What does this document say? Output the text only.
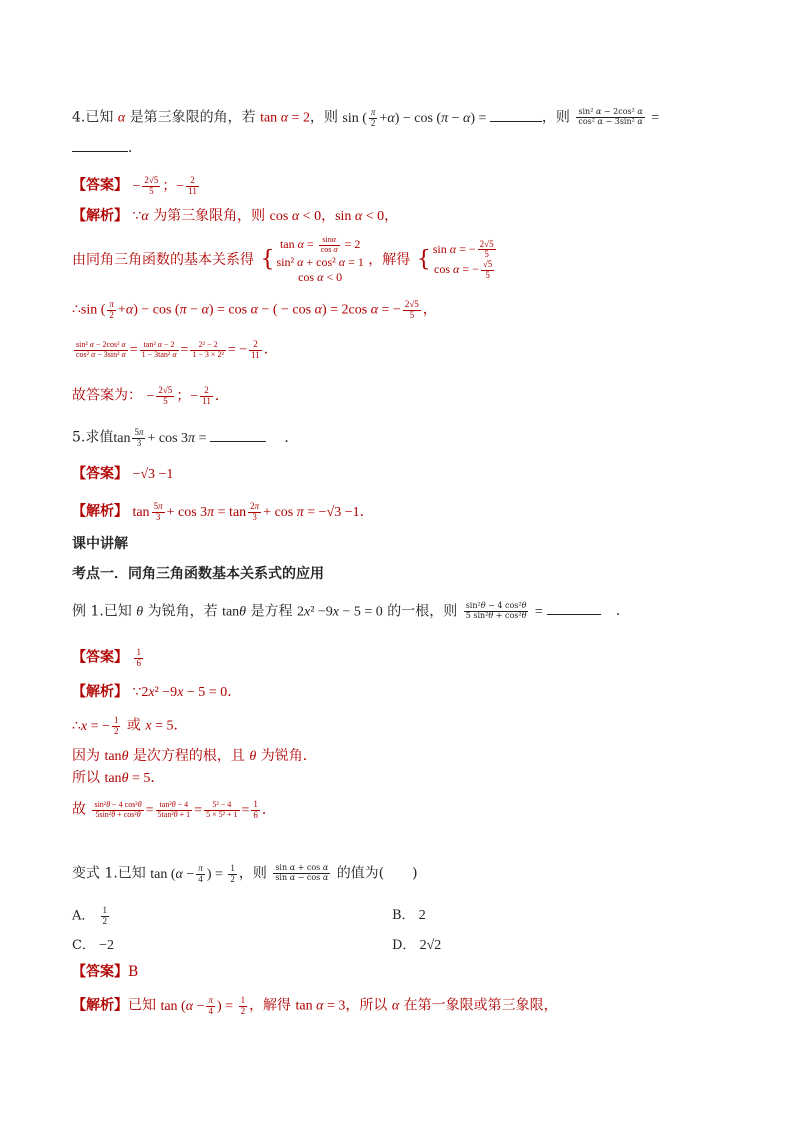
4.已知 α 是第三象限的角，若 tan α = 2，则 sin ( $\frac{\pi}{2} +\alpha) - \cos (\pi - \alpha)$ =	，则 $\frac{\text{sin² α − 2cos² α}}{\text{cos² α − 3sin² α}}$ =
．
【答案】 − $\frac{2√5}{5}$ ；− $\frac{2}{11}$
【解析】 ∵α 为第三象限角，则 cos α < 0，sin α < 0，
由同角三角函数的基本关系得 {tan $\alpha = \frac{\sin\alpha}{\text{cos α}} = 2$
sin² α + cos² α = 1
cos α < 0 ，解得 {sin α = − $\frac{2√5}{5}$

cos α = − $\frac{√5}{5}$
∴sin ( $\frac{\pi}{2} +\alpha) - \cos (\pi - \alpha) = \cos \alpha$ − ( − cos α) = 2cos α = − $\frac{2√5}{5}$ ，
$\frac{\text{sin² α − 2cos² α}}{\text{cos² α − 3sin² α}} = \frac{\text{tan² α − 2}}{\text{1 − 3tan² α}} = \frac{\text{2² − 2}}{\text{1 − 3 × 2²}}$ = − $\frac{2}{11}$ ．
故答案为： − $\frac{2√5}{5}$ ；− $\frac{2}{11}$ ．
5.求值$\tan \frac{5\pi}{3} + \cos 3\pi$ =	．
【答案】 −√3 −1
【解析】 $\tan \frac{5\pi}{3} + \cos 3\pi = \tan \frac{2\pi}{3} + \cos \pi = -√3 -1$．
课中讲解
考点一．同角三角函数基本关系式的应用
例 1.已知 θ 为锐角，若 tanθ 是方程 2x² −9x − 5 = 0 的一根，则 $\frac{\text{sin²θ − 4 cos²θ}}{\text{5 sin²θ + cos²θ}}$ =	．
【答案】 $\frac{1}{6}$
【解析】 ∵2x² −9x − 5 = 0．
∴x = − $\frac{1}{2}$ 或 x = 5．
因为 tanθ 是次方程的根，且 θ 为锐角．
所以 tanθ = 5．
故 $\frac{\text{sin²θ − 4 cos²θ}}{\text{5sin²θ + cos²θ}} = \frac{\text{tan²θ − 4}}{\text{5tan²θ + 1}} = \frac{\text{5² − 4}}{\text{5 × 5² + 1}} = \frac{1}{6}$ ．
变式 1.已知 $\tan (\alpha - \frac{\pi}{4}$ ) = $\frac{1}{2}$ ，则 $\frac{\text{sin α + cos α}}{\text{sin α − cos α}}$ 的值为(　　)
A． $\frac{1}{2}$	B． 2
C． −2	D． 2√2
【答案】B
【解析】已知 $\tan (\alpha - \frac{\pi}{4}$ ) = $\frac{1}{2}$ ，解得 tan α = 3，所以 α 在第一象限或第三象限，
